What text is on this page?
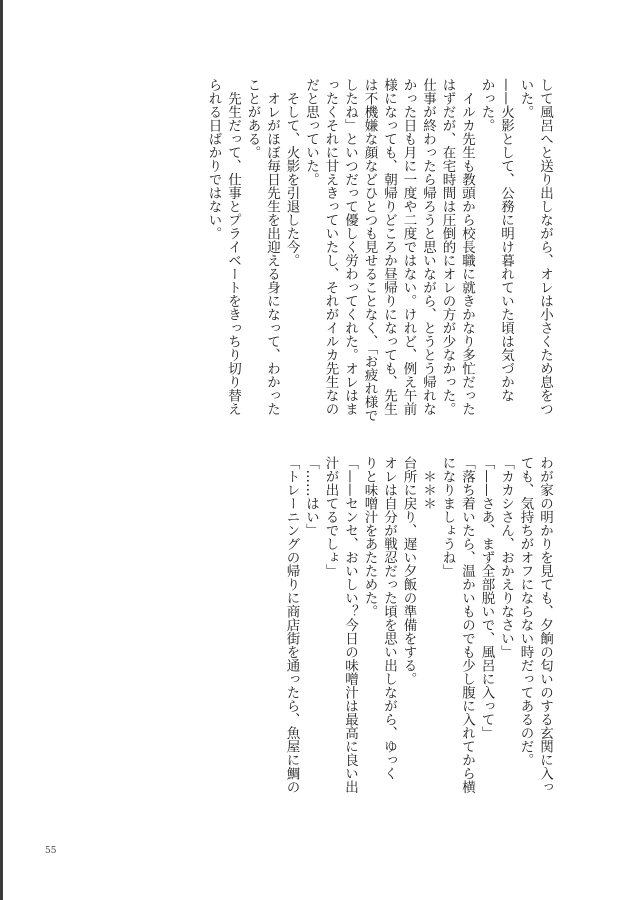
して風呂へと送り出しながら、オレは小さくため息をつ
いた。
——火影として、公務に明け暮れていた頃は気づかな
かった。
　イルカ先生も教頭から校長職に就きかなり多忙だった
はずだが、在宅時間は圧倒的にオレの方が少なかった。
仕事が終わったら帰ろうと思いながら、とうとう帰れな
かった日も月に一度や二度ではない。けれど、例え午前
様になっても、朝帰りどころか昼帰りになっても、先生
は不機嫌な顔などひとつも見せることなく、「お疲れ様で
したね」といつだって優しく労わってくれた。オレはま
ったくそれに甘えきっていたし、それがイルカ先生なの
だと思っていた。
　そして、火影を引退した今。
　オレがほぼ毎日先生を出迎える身になって、わかった
ことがある。
　先生だって、仕事とプライベートをきっちり切り替え
られる日ばかりではない。
わが家の明かりを見ても、夕餉の匂いのする玄関に入っ
ても、気持ちがオフにならない時だってあるのだ。
「カカシさん、おかえりなさい」
「——さあ、まず全部脱いで、風呂に入って」
「落ち着いたら、温かいものでも少し腹に入れてから横
になりましょうね」
　＊＊＊
台所に戻り、遅い夕飯の準備をする。
オレは自分が戦忍だった頃を思い出しながら、ゆっく
りと味噌汁をあたためた。
「——センセ、おいしい？今日の味噌汁は最高に良い出
汁が出てるでしょ」
「……はい」
「トレーニングの帰りに商店街を通ったら、魚屋に鯛の
55
